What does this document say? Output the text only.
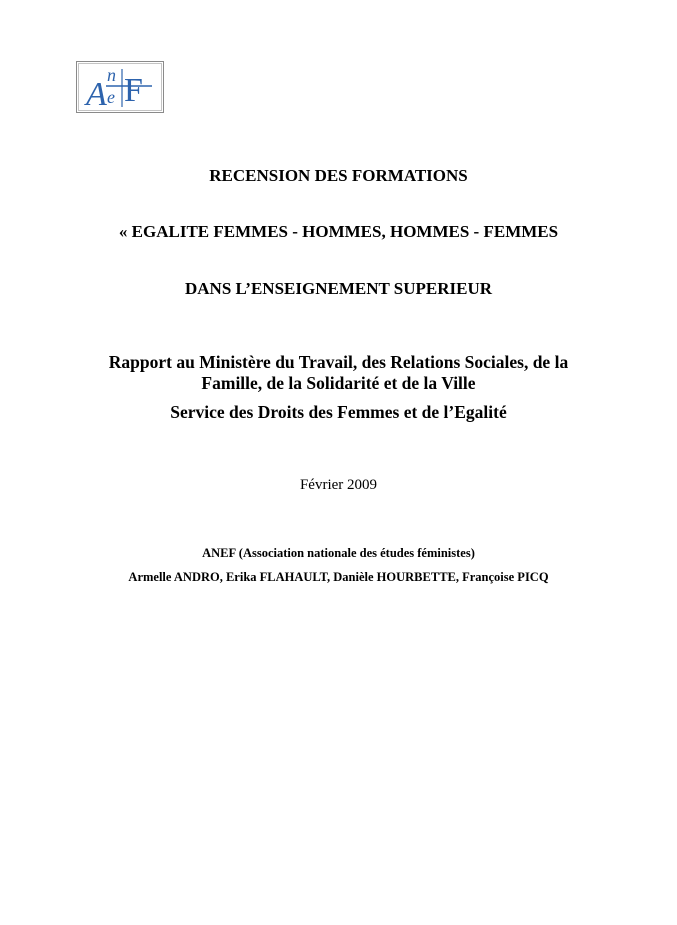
A
n
e F
RECENSION DES FORMATIONS
« EGALITE FEMMES - HOMMES, HOMMES - FEMMES
DANS L’ENSEIGNEMENT SUPERIEUR
Rapport au Ministère du Travail, des Relations Sociales, de la
Famille, de la Solidarité et de la Ville
Service des Droits des Femmes et de l’Egalité
Février 2009
ANEF (Association nationale des études féministes)
Armelle ANDRO, Erika FLAHAULT, Danièle HOURBETTE, Françoise PICQ
